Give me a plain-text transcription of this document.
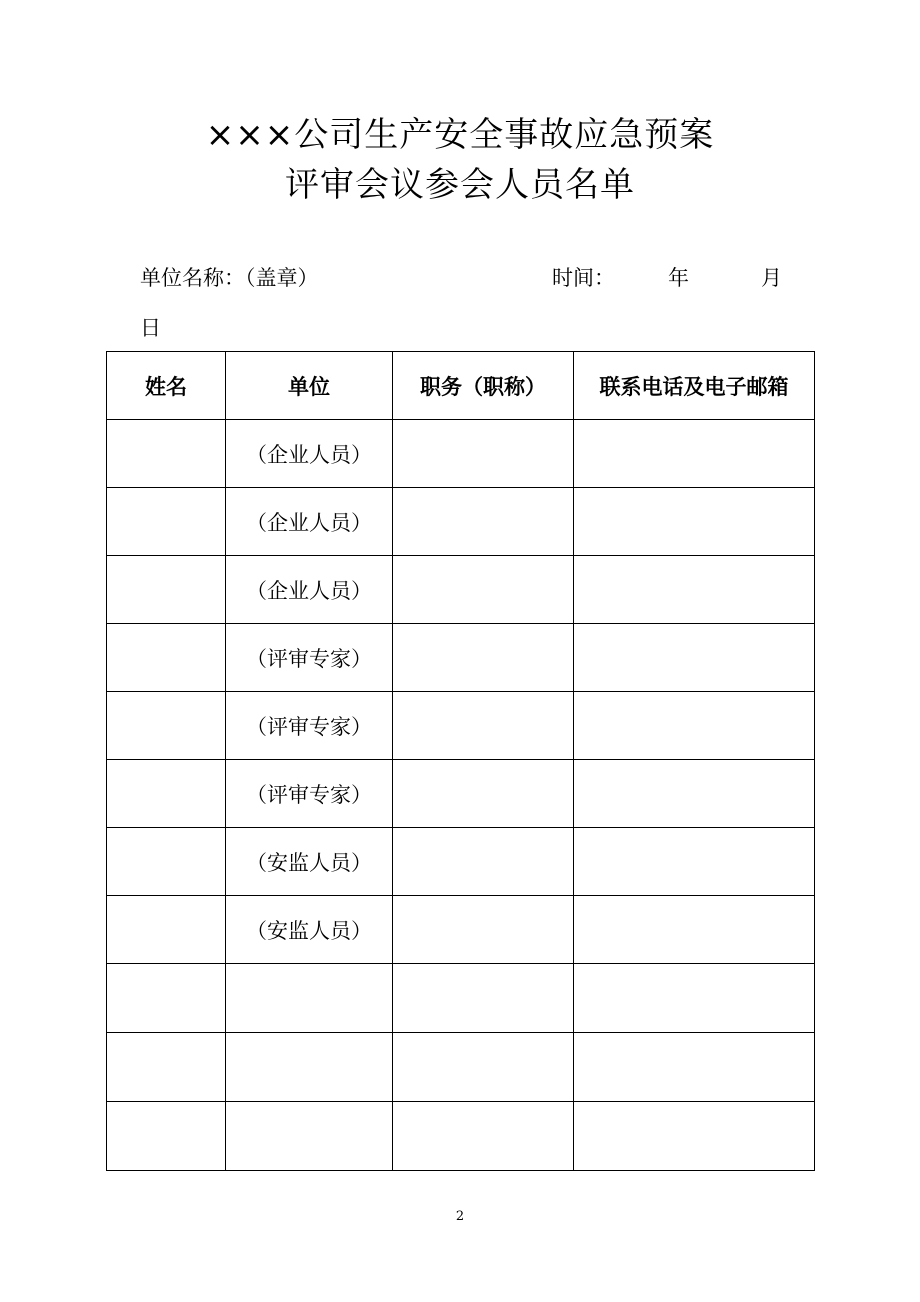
×××公司生产安全事故应急预案
评审会议参会人员名单
单位名称：（盖章）	时间：	年	月
日
姓名	单位	职务（职称）	联系电话及电子邮箱
	（企业人员）		
	（企业人员）		
	（企业人员）		
	（评审专家）		
	（评审专家）		
	（评审专家）		
	（安监人员）		
	（安监人员）		

2
